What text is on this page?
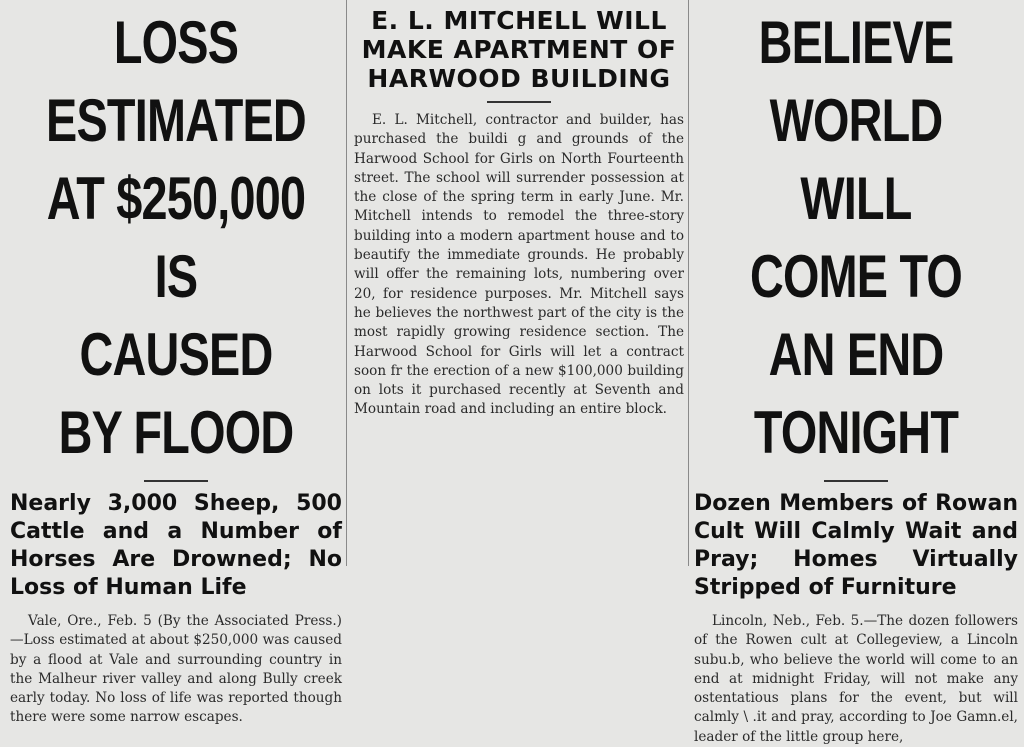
LOSS ESTIMATED
AT $250,000 IS
CAUSED BY FLOOD
Nearly 3,000 Sheep, 500 Cattle and a Number of Horses Are Drowned; No Loss of Human Life
Vale, Ore., Feb. 5 (By the Associated Press.)—Loss estimated at about $250,000 was caused by a flood at Vale and surrounding country in the Malheur river valley and along Bully creek early today. No loss of life was reported though there were some narrow escapes.
E. L. MITCHELL WILL
MAKE APARTMENT OF
HARWOOD BUILDING
E. L. Mitchell, contractor and builder, has purchased the buildi g and grounds of the Harwood School for Girls on North Fourteenth street. The school will surrender possession at the close of the spring term in early June. Mr. Mitchell intends to remodel the three-story building into a modern apartment house and to beautify the immediate grounds. He probably will offer the remaining lots, numbering over 20, for residence purposes. Mr. Mitchell says he believes the northwest part of the city is the most rapidly growing residence section. The Harwood School for Girls will let a contract soon fr the erection of a new $100,000 building on lots it purchased recently at Seventh and Mountain road and including an entire block.
BELIEVE WORLD
WILL COME TO
AN END TONIGHT
Dozen Members of Rowan Cult Will Calmly Wait and Pray; Homes Virtually Stripped of Furniture
Lincoln, Neb., Feb. 5.—The dozen followers of the Rowen cult at Collegeview, a Lincoln subu.b, who believe the world will come to an end at midnight Friday, will not make any ostentatious plans for the event, but will calmly \ .it and pray, according to Joe Gamn.el, leader of the little group here,
